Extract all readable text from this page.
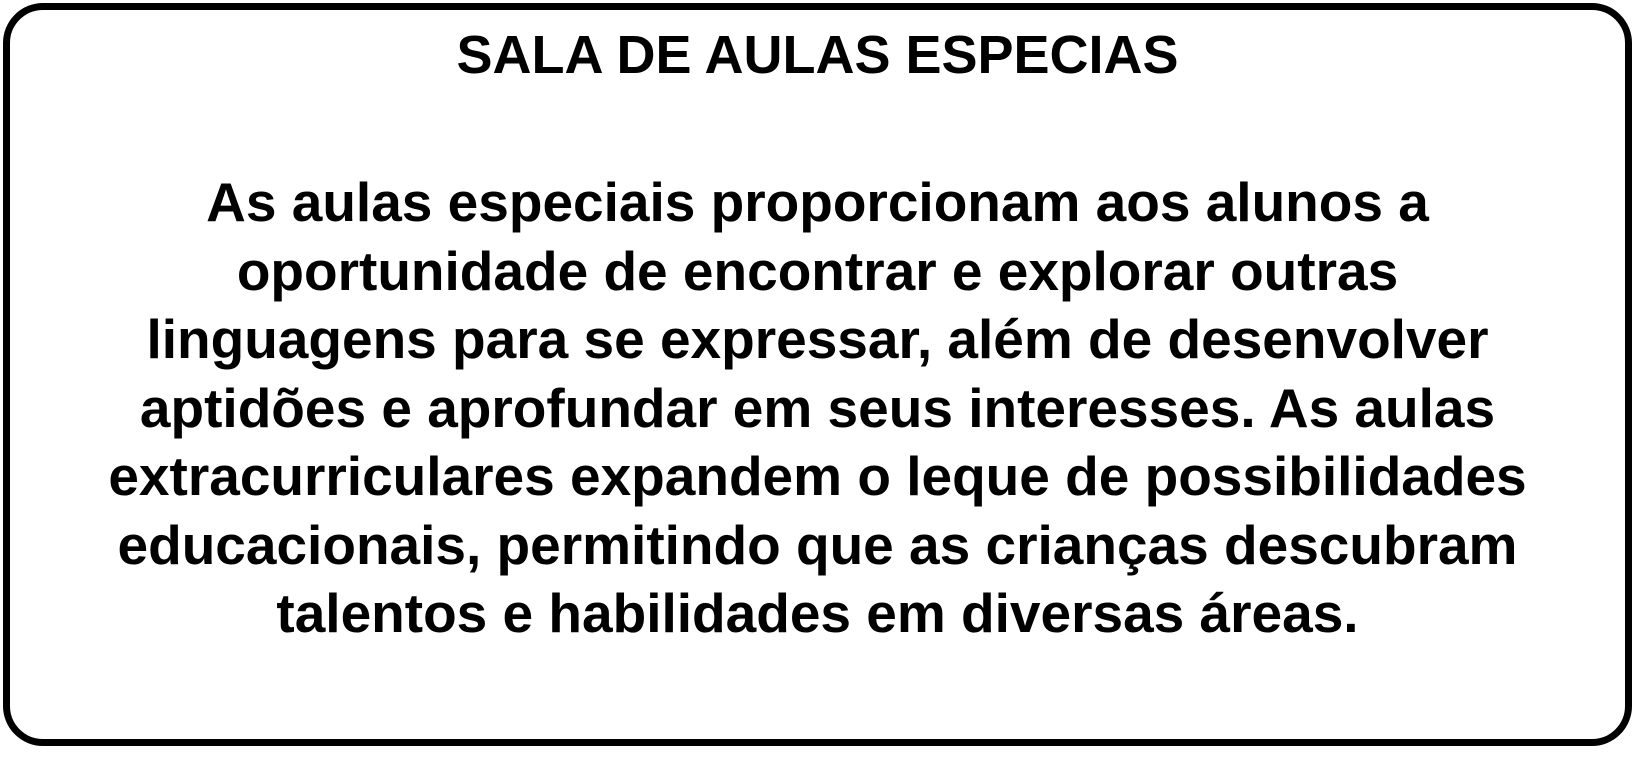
SALA DE AULAS ESPECIAS

As aulas especiais proporcionam aos alunos a
oportunidade de encontrar e explorar outras
linguagens para se expressar, além de desenvolver
aptidões e aprofundar em seus interesses. As aulas
extracurriculares expandem o leque de possibilidades
educacionais, permitindo que as crianças descubram
talentos e habilidades em diversas áreas.
